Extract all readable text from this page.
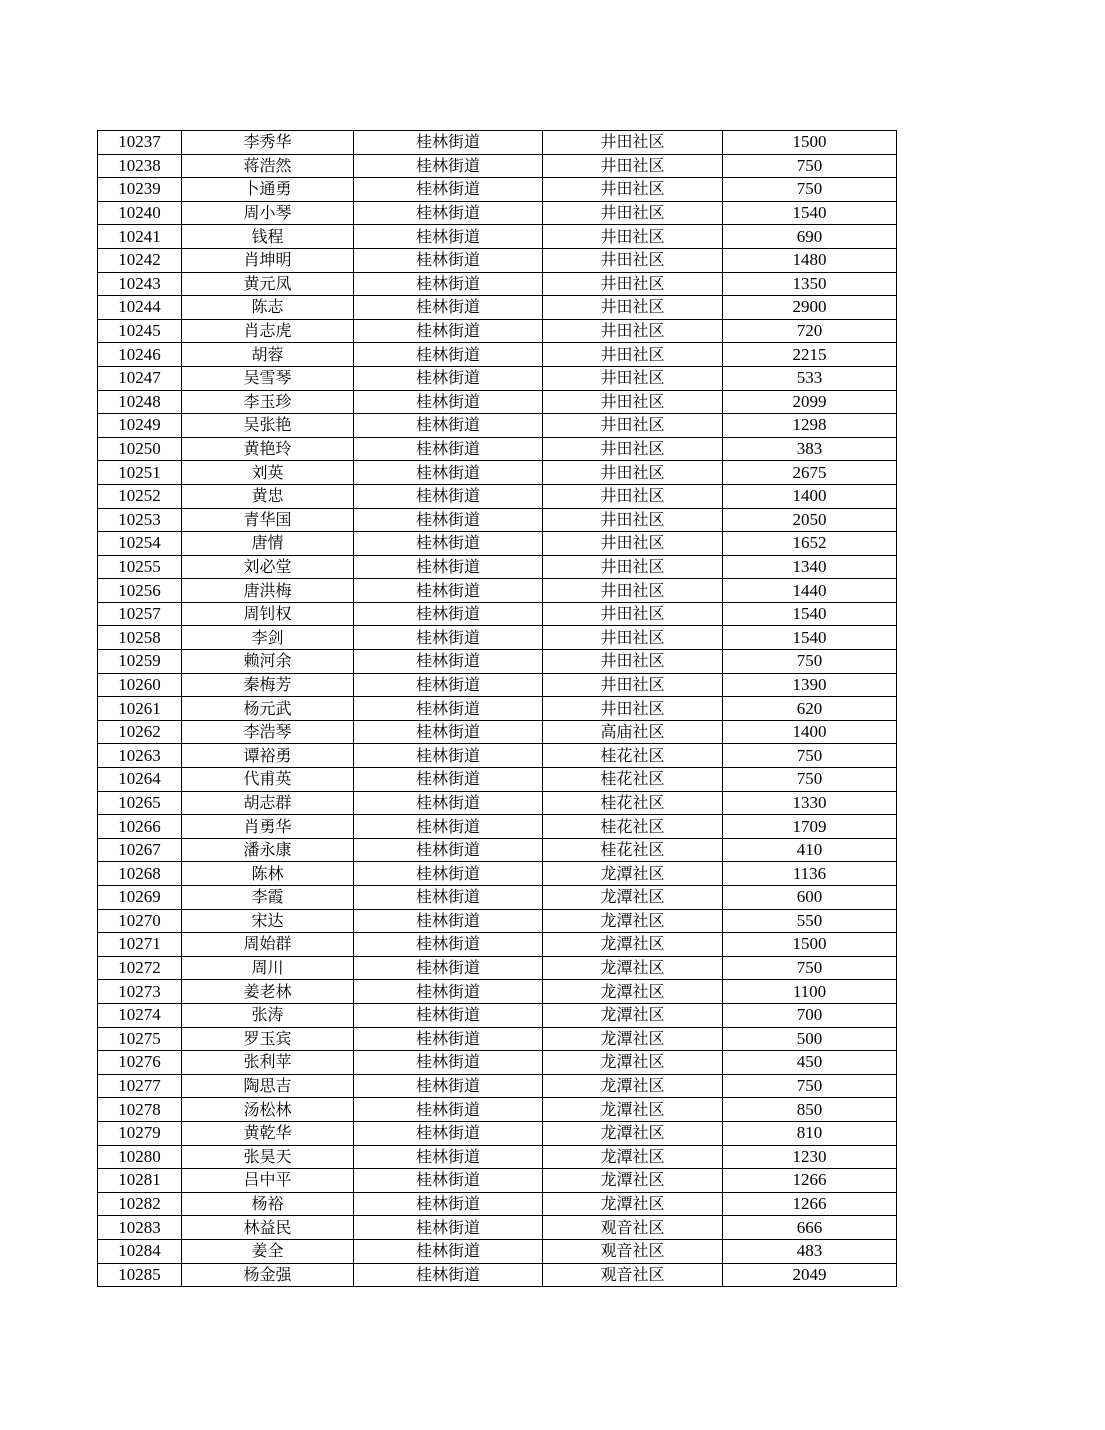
10237	李秀华	桂林街道	井田社区	1500
10238	蒋浩然	桂林街道	井田社区	750
10239	卜通勇	桂林街道	井田社区	750
10240	周小琴	桂林街道	井田社区	1540
10241	钱程	桂林街道	井田社区	690
10242	肖坤明	桂林街道	井田社区	1480
10243	黄元凤	桂林街道	井田社区	1350
10244	陈志	桂林街道	井田社区	2900
10245	肖志虎	桂林街道	井田社区	720
10246	胡蓉	桂林街道	井田社区	2215
10247	吴雪琴	桂林街道	井田社区	533
10248	李玉珍	桂林街道	井田社区	2099
10249	吴张艳	桂林街道	井田社区	1298
10250	黄艳玲	桂林街道	井田社区	383
10251	刘英	桂林街道	井田社区	2675
10252	黄忠	桂林街道	井田社区	1400
10253	青华国	桂林街道	井田社区	2050
10254	唐情	桂林街道	井田社区	1652
10255	刘必堂	桂林街道	井田社区	1340
10256	唐洪梅	桂林街道	井田社区	1440
10257	周钊权	桂林街道	井田社区	1540
10258	李剑	桂林街道	井田社区	1540
10259	赖河余	桂林街道	井田社区	750
10260	秦梅芳	桂林街道	井田社区	1390
10261	杨元武	桂林街道	井田社区	620
10262	李浩琴	桂林街道	高庙社区	1400
10263	谭裕勇	桂林街道	桂花社区	750
10264	代甫英	桂林街道	桂花社区	750
10265	胡志群	桂林街道	桂花社区	1330
10266	肖勇华	桂林街道	桂花社区	1709
10267	潘永康	桂林街道	桂花社区	410
10268	陈林	桂林街道	龙潭社区	1136
10269	李霞	桂林街道	龙潭社区	600
10270	宋达	桂林街道	龙潭社区	550
10271	周始群	桂林街道	龙潭社区	1500
10272	周川	桂林街道	龙潭社区	750
10273	姜老林	桂林街道	龙潭社区	1100
10274	张涛	桂林街道	龙潭社区	700
10275	罗玉宾	桂林街道	龙潭社区	500
10276	张利苹	桂林街道	龙潭社区	450
10277	陶思吉	桂林街道	龙潭社区	750
10278	汤松林	桂林街道	龙潭社区	850
10279	黄乾华	桂林街道	龙潭社区	810
10280	张昊天	桂林街道	龙潭社区	1230
10281	吕中平	桂林街道	龙潭社区	1266
10282	杨裕	桂林街道	龙潭社区	1266
10283	林益民	桂林街道	观音社区	666
10284	姜全	桂林街道	观音社区	483
10285	杨金强	桂林街道	观音社区	2049
